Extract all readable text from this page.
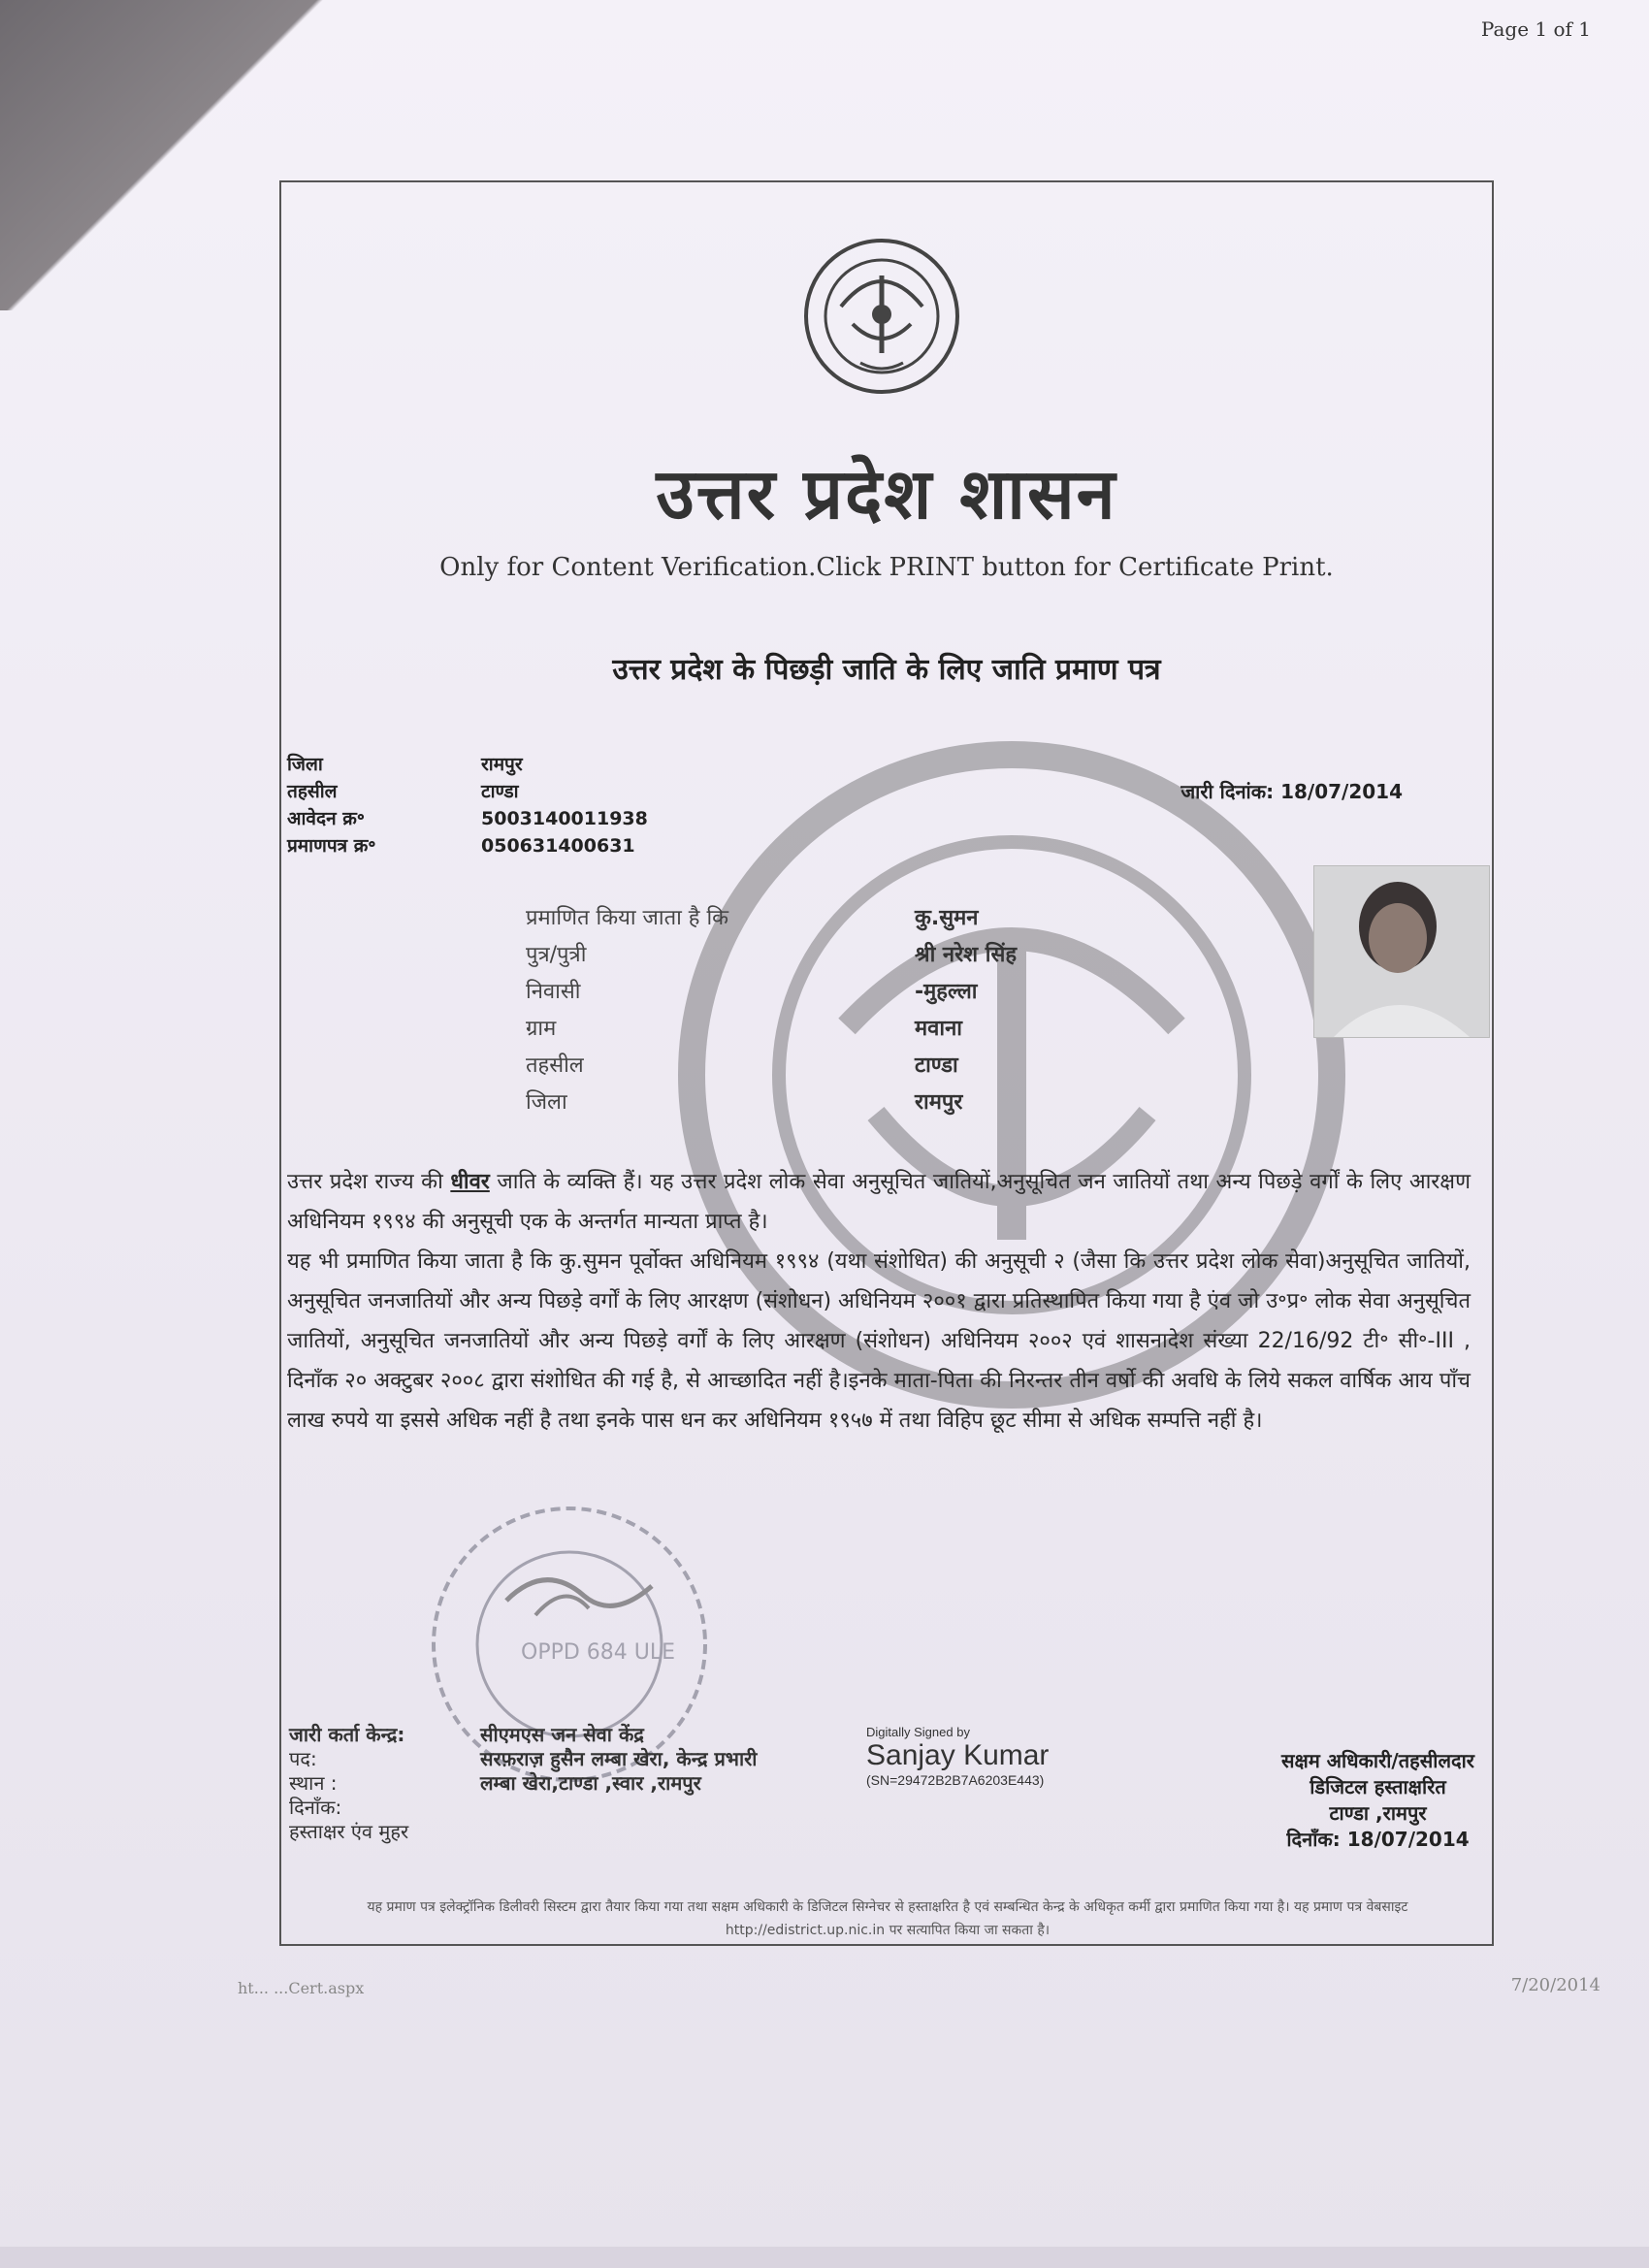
Page 1 of 1
उत्तर प्रदेश शासन
Only for Content Verification.Click PRINT button for Certificate Print.
उत्तर प्रदेश के पिछड़ी जाति के लिए जाति प्रमाण पत्र
जिला
तहसील
आवेदन क्र॰
प्रमाणपत्र क्र॰
रामपुर
टाण्डा
5003140011938
050631400631
जारी दिनांक: 18/07/2014
प्रमाणित किया जाता है कि
पुत्र/पुत्री
निवासी
ग्राम
तहसील
जिला
कु.सुमन
श्री नरेश सिंह
-मुहल्ला
मवाना
टाण्डा
रामपुर

उत्तर प्रदेश राज्य की धीवर जाति के व्यक्ति हैं। यह उत्तर प्रदेश लोक सेवा अनुसूचित जातियों,अनुसूचित जन जातियों तथा अन्य पिछड़े वर्गों के लिए आरक्षण अधिनियम १९९४ की अनुसूची एक के अन्तर्गत मान्यता प्राप्त है।

यह भी प्रमाणित किया जाता है कि कु.सुमन पूर्वोक्त अधिनियम १९९४ (यथा संशोधित) की अनुसूची २ (जैसा कि उत्तर प्रदेश लोक सेवा)अनुसूचित जातियों, अनुसूचित जनजातियों और अन्य पिछड़े वर्गों के लिए आरक्षण (संशोधन) अधिनियम २००१ द्वारा प्रतिस्थापित किया गया है एंव जो उ॰प्र॰ लोक सेवा अनुसूचित जातियों, अनुसूचित जनजातियों और अन्य पिछड़े वर्गों के लिए आरक्षण (संशोधन) अधिनियम २००२ एवं शासनादेश संख्या 22/16/92 टी॰ सी॰-III , दिनाँक २० अक्टुबर २००८ द्वारा संशोधित की गई है, से आच्छादित नहीं है।इनके माता-पिता की निरन्तर तीन वर्षो की अवधि के लिये सकल वार्षिक आय पाँच लाख रुपये या इससे अधिक नहीं है तथा इनके पास धन कर अधिनियम १९५७ में तथा विहिप छूट सीमा से अधिक सम्पत्ति नहीं है।

OPPD 684 ULE
जारी कर्ता केन्द्र:
पद:
स्थान :
दिनाँक:
हस्ताक्षर एंव मुहर
सीएमएस जन सेवा केंद्र
सरफ़राज़ हुसैन लम्बा खेरा, केन्द्र प्रभारी
लम्बा खेरा,टाण्डा ,स्वार ,रामपुर
Digitally Signed by
Sanjay Kumar
(SN=29472B2B7A6203E443)
सक्षम अधिकारी/तहसीलदार
डिजिटल हस्ताक्षरित
टाण्डा ,रामपुर
दिनाँक: 18/07/2014
यह प्रमाण पत्र इलेक्ट्रॉनिक डिलीवरी सिस्टम द्वारा तैयार किया गया तथा सक्षम अधिकारी के डिजिटल सिग्नेचर से हस्ताक्षरित है एवं सम्बन्धित केन्द्र के अधिकृत कर्मी द्वारा प्रमाणित किया गया है। यह प्रमाण पत्र वेबसाइट http://edistrict.up.nic.in पर सत्यापित किया जा सकता है।
ht... ...Cert.aspx	7/20/2014
